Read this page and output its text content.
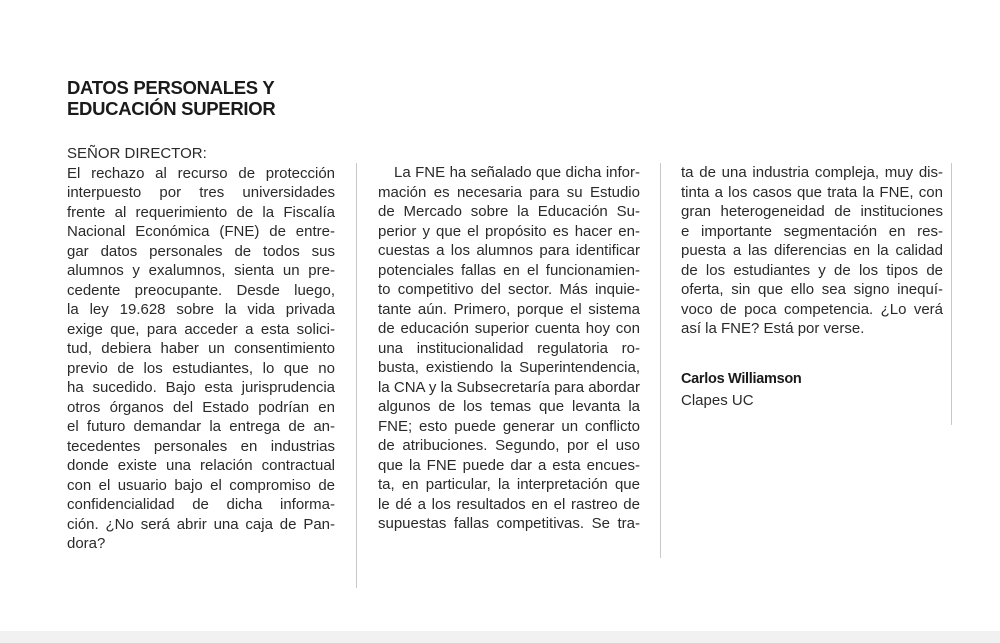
DATOS PERSONALES Y
EDUCACIÓN SUPERIOR
SEÑOR DIRECTOR:
El rechazo al recurso de protección
interpuesto por tres universidades
frente al requerimiento de la Fiscalía
Nacional Económica (FNE) de entre-
gar datos personales de todos sus
alumnos y exalumnos, sienta un pre-
cedente preocupante. Desde luego,
la ley 19.628 sobre la vida privada
exige que, para acceder a esta solici-
tud, debiera haber un consentimiento
previo de los estudiantes, lo que no
ha sucedido. Bajo esta jurisprudencia
otros órganos del Estado podrían en
el futuro demandar la entrega de an-
tecedentes personales en industrias
donde existe una relación contractual
con el usuario bajo el compromiso de
confidencialidad de dicha informa-
ción. ¿No será abrir una caja de Pan-
dora?
La FNE ha señalado que dicha infor-
mación es necesaria para su Estudio
de Mercado sobre la Educación Su-
perior y que el propósito es hacer en-
cuestas a los alumnos para identificar
potenciales fallas en el funcionamien-
to competitivo del sector. Más inquie-
tante aún. Primero, porque el sistema
de educación superior cuenta hoy con
una institucionalidad regulatoria ro-
busta, existiendo la Superintendencia,
la CNA y la Subsecretaría para abordar
algunos de los temas que levanta la
FNE; esto puede generar un conflicto
de atribuciones. Segundo, por el uso
que la FNE puede dar a esta encues-
ta, en particular, la interpretación que
le dé a los resultados en el rastreo de
supuestas fallas competitivas. Se tra-
ta de una industria compleja, muy dis-
tinta a los casos que trata la FNE, con
gran heterogeneidad de instituciones
e importante segmentación en res-
puesta a las diferencias en la calidad
de los estudiantes y de los tipos de
oferta, sin que ello sea signo inequí-
voco de poca competencia. ¿Lo verá
así la FNE? Está por verse.
Carlos Williamson
Clapes UC
